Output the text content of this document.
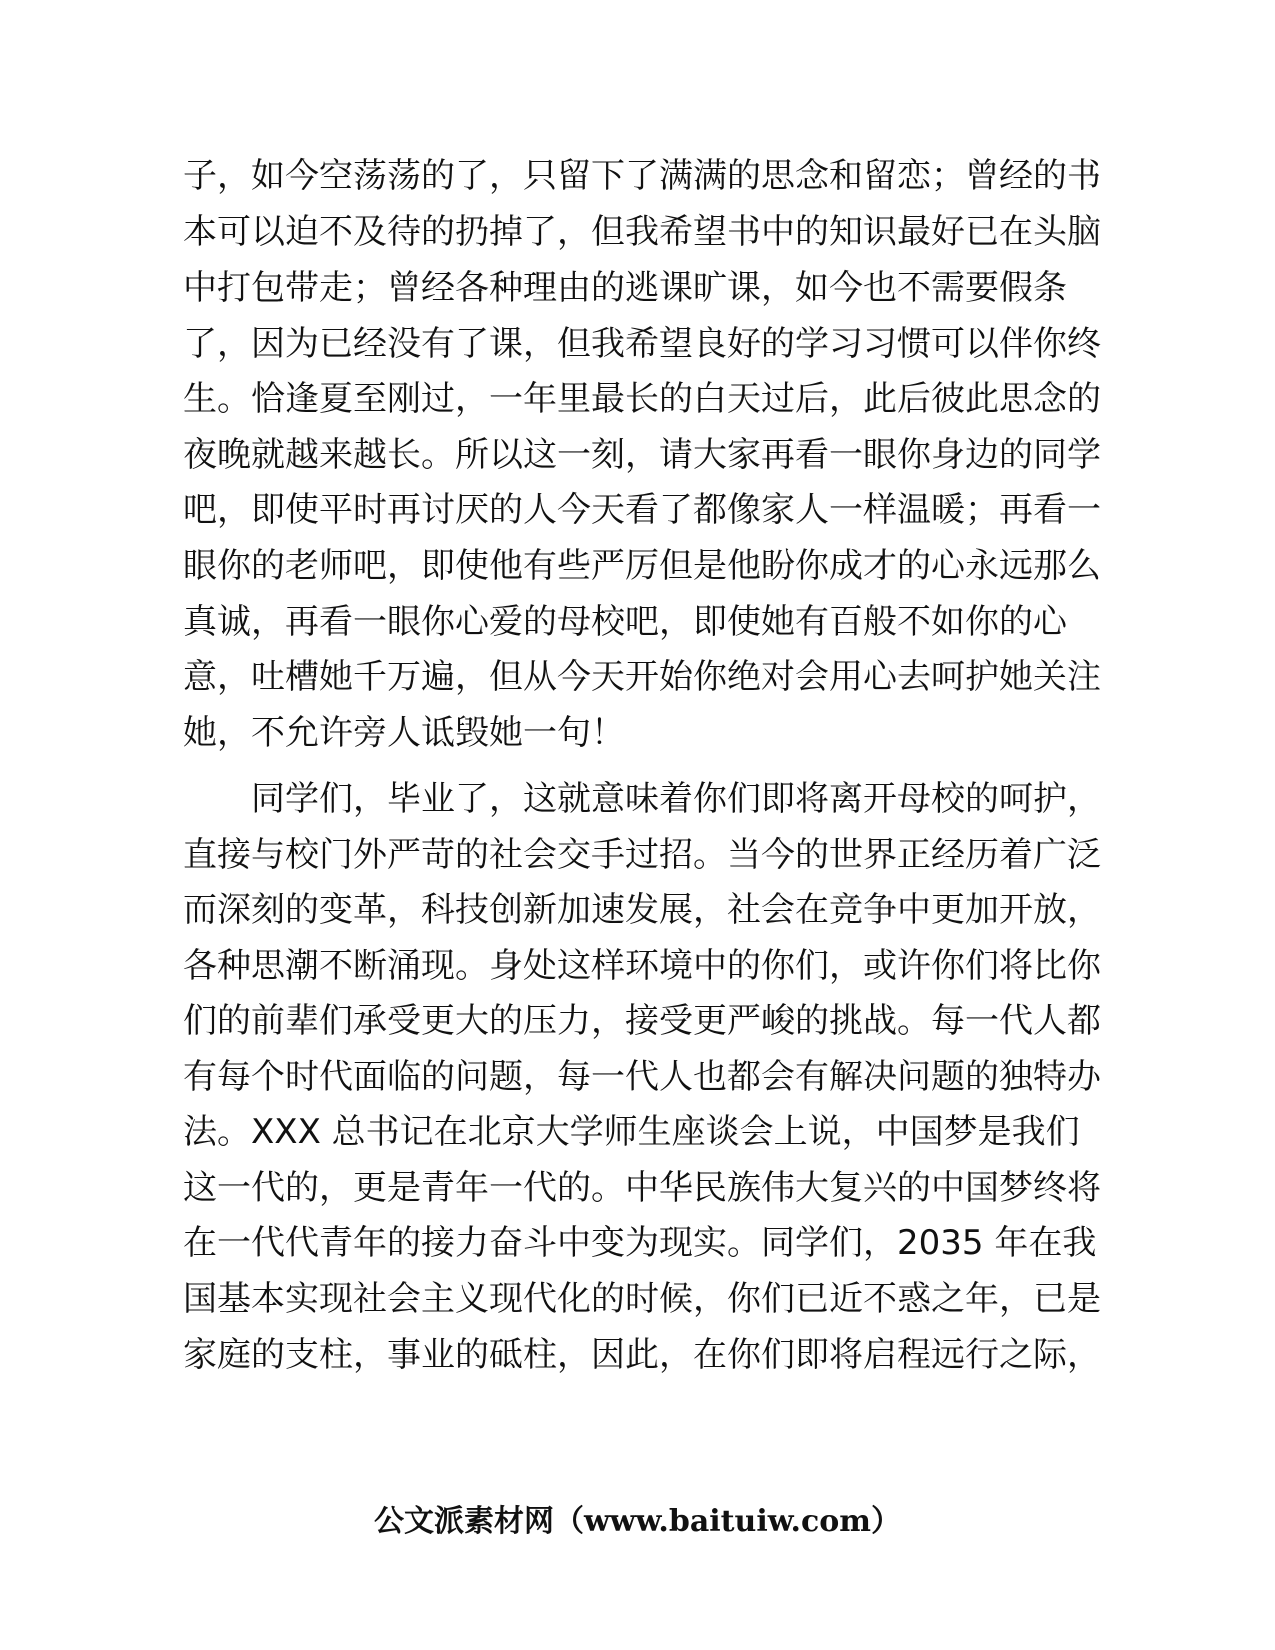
子，如今空荡荡的了，只留下了满满的思念和留恋；曾经的书
本可以迫不及待的扔掉了，但我希望书中的知识最好已在头脑
中打包带走；曾经各种理由的逃课旷课，如今也不需要假条
了，因为已经没有了课，但我希望良好的学习习惯可以伴你终
生。恰逢夏至刚过，一年里最长的白天过后，此后彼此思念的
夜晚就越来越长。所以这一刻，请大家再看一眼你身边的同学
吧，即使平时再讨厌的人今天看了都像家人一样温暖；再看一
眼你的老师吧，即使他有些严厉但是他盼你成才的心永远那么
真诚，再看一眼你心爱的母校吧，即使她有百般不如你的心
意，吐槽她千万遍，但从今天开始你绝对会用心去呵护她关注
她，不允许旁人诋毁她一句！
同学们，毕业了，这就意味着你们即将离开母校的呵护，
直接与校门外严苛的社会交手过招。当今的世界正经历着广泛
而深刻的变革，科技创新加速发展，社会在竞争中更加开放，
各种思潮不断涌现。身处这样环境中的你们，或许你们将比你
们的前辈们承受更大的压力，接受更严峻的挑战。每一代人都
有每个时代面临的问题，每一代人也都会有解决问题的独特办
法。XXX 总书记在北京大学师生座谈会上说，中国梦是我们
这一代的，更是青年一代的。中华民族伟大复兴的中国梦终将
在一代代青年的接力奋斗中变为现实。同学们，2035 年在我
国基本实现社会主义现代化的时候，你们已近不惑之年，已是
家庭的支柱，事业的砥柱，因此，在你们即将启程远行之际，
公文派素材网（www.baituiw.com）
